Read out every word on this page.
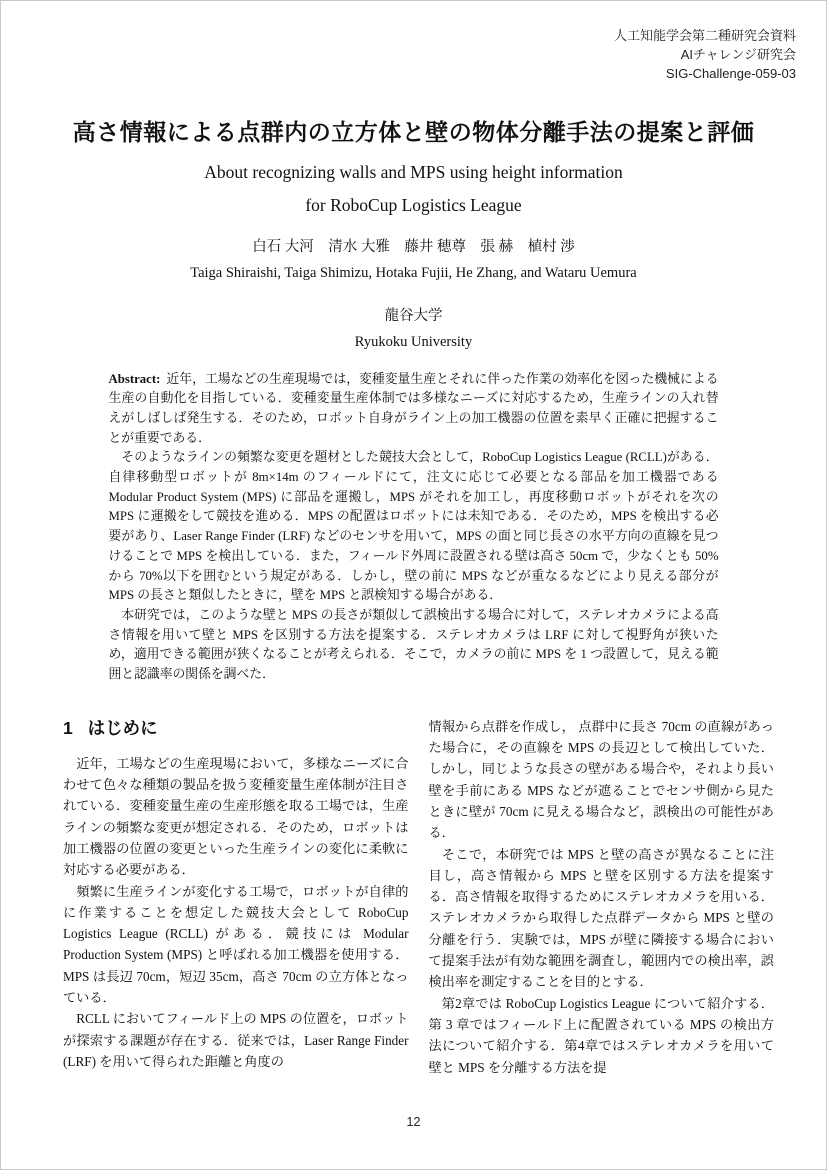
人工知能学会第二種研究会資料
AIチャレンジ研究会
SIG-Challenge-059-03
高さ情報による点群内の立方体と壁の物体分離手法の提案と評価
About recognizing walls and MPS using height information
for RoboCup Logistics League
白石 大河　清水 大雅　藤井 穂尊　張 赫　植村 渉
Taiga Shiraishi, Taiga Shimizu, Hotaka Fujii, He Zhang, and Wataru Uemura
龍谷大学
Ryukoku University

Abstract: 近年，工場などの生産現場では，変種変量生産とそれに伴った作業の効率化を図った機械による生産の自動化を目指している．変種変量生産体制では多様なニーズに対応するため，生産ラインの入れ替えがしばしば発生する．そのため，ロボット自身がライン上の加工機器の位置を素早く正確に把握することが重要である．

そのようなラインの頻繁な変更を題材とした競技大会として，RoboCup Logistics League (RCLL)がある．自律移動型ロボットが 8m×14m のフィールドにて，注文に応じて必要となる部品を加工機器である Modular Product System (MPS) に部品を運搬し，MPS がそれを加工し，再度移動ロボットがそれを次の MPS に運搬をして競技を進める．MPS の配置はロボットには未知である．そのため，MPS を検出する必要があり、Laser Range Finder (LRF) などのセンサを用いて，MPS の面と同じ長さの水平方向の直線を見つけることで MPS を検出している．また，フィールド外周に設置される壁は高さ 50cm で，少なくとも 50%から 70%以下を囲むという規定がある．しかし，壁の前に MPS などが重なるなどにより見える部分が MPS の長さと類似したときに，壁を MPS と誤検知する場合がある．

本研究では，このような壁と MPS の長さが類似して誤検出する場合に対して，ステレオカメラによる高さ情報を用いて壁と MPS を区別する方法を提案する．ステレオカメラは LRF に対して視野角が狭いため，適用できる範囲が狭くなることが考えられる．そこで，カメラの前に MPS を 1 つ設置して，見える範囲と認識率の関係を調べた．

1 はじめに

近年，工場などの生産現場において，多様なニーズに合わせて色々な種類の製品を扱う変種変量生産体制が注目されている．変種変量生産の生産形態を取る工場では，生産ラインの頻繁な変更が想定される．そのため，ロボットは加工機器の位置の変更といった生産ラインの変化に柔軟に対応する必要がある．

頻繁に生産ラインが変化する工場で，ロボットが自律的に作業することを想定した競技大会として RoboCup Logistics League (RCLL) がある．競技には Modular Production System (MPS) と呼ばれる加工機器を使用する．MPS は長辺 70cm，短辺 35cm，高さ 70cm の立方体となっている．

RCLL においてフィールド上の MPS の位置を，ロボットが探索する課題が存在する．従来では，Laser Range Finder (LRF) を用いて得られた距離と角度の

情報から点群を作成し， 点群中に長さ 70cm の直線があった場合に，その直線を MPS の長辺として検出していた．しかし，同じような長さの壁がある場合や，それより長い壁を手前にある MPS などが遮ることでセンサ側から見たときに壁が 70cm に見える場合など，誤検出の可能性がある．

そこで，本研究では MPS と壁の高さが異なることに注目し，高さ情報から MPS と壁を区別する方法を提案する．高さ情報を取得するためにステレオカメラを用いる．ステレオカメラから取得した点群データから MPS と壁の分離を行う．実験では，MPS が壁に隣接する場合において提案手法が有効な範囲を調査し，範囲内での検出率，誤検出率を測定することを目的とする．

第2章では RoboCup Logistics League について紹介する．第 3 章ではフィールド上に配置されている MPS の検出方法について紹介する．第4章ではステレオカメラを用いて壁と MPS を分離する方法を提

12
